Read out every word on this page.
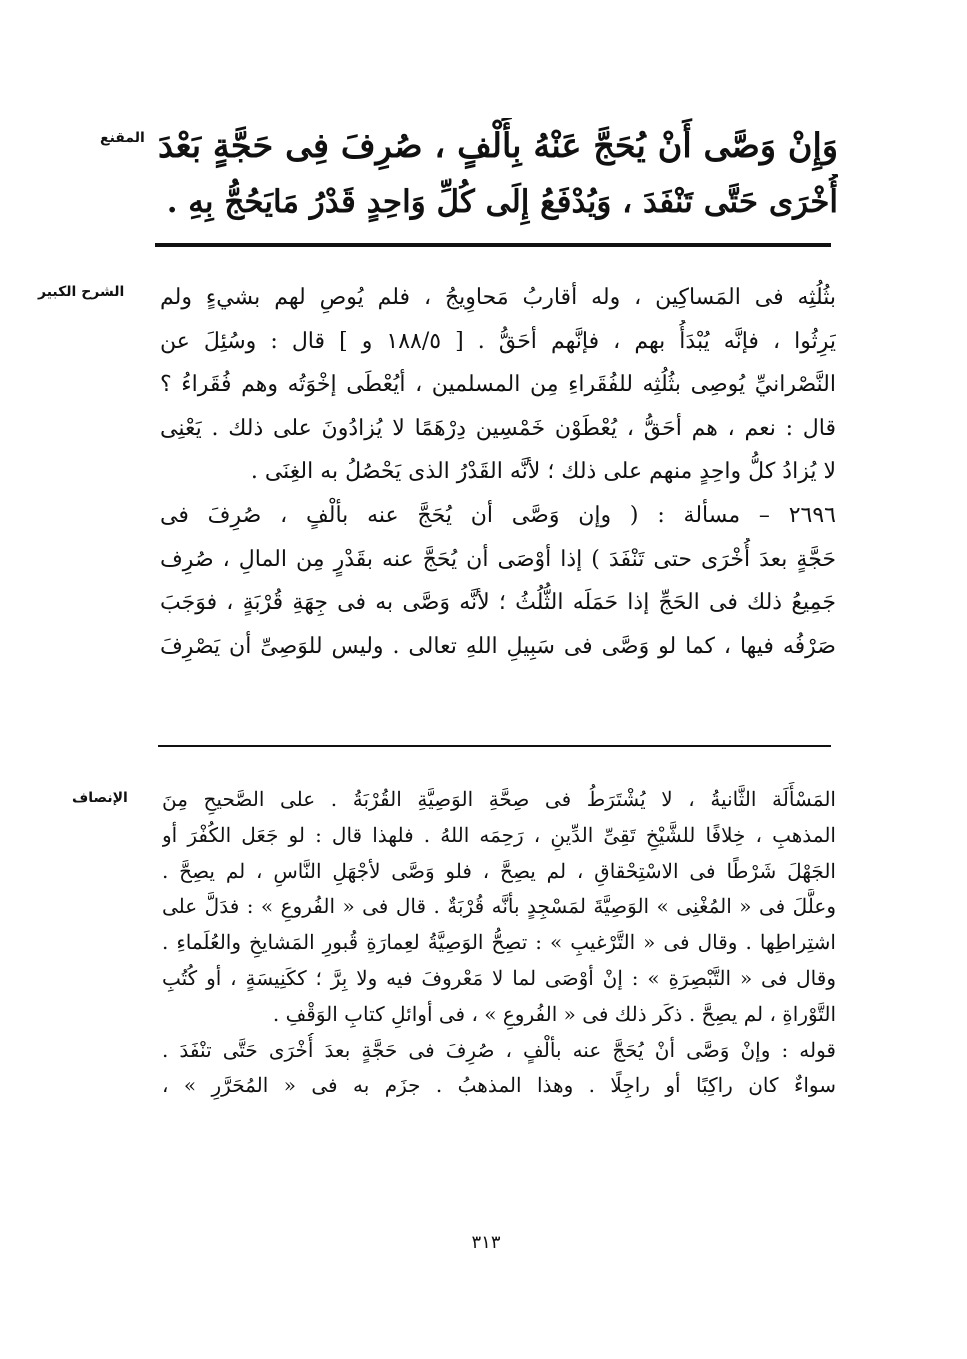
المقنع وَإِنْ وَصَّى أَنْ يُحَجَّ عَنْهُ بِأَلْفٍ ، صُرِفَ فِى حَجَّةٍ بَعْدَ
أُخْرَى حَتَّى تَنْفَدَ ، وَيُدْفَعُ إِلَى كُلِّ وَاحِدٍ قَدْرُ مَايَحُجُّ بِهِ .
الشرح الكبير بثُلُثِه فى المَساكِين ، وله أقاربُ مَحاوِيجُ ، فلم يُوصِ لهم بشيءٍ ولم
يَرِثُوا ، فإنَّه يُبْدَأُ بهم ، فإنَّهم أحَقُّ . [ ١٨٨/٥ و ] قال : وسُئِلَ عن
النَّصْرانيِّ يُوصِى بثُلُثِه للفُقَراءِ مِن المسلمين ، أيُعْطَى إخْوَتُه وهم فُقَراءُ ؟
قال : نعم ، هم أحَقُّ ، يُعْطَوْن خَمْسِين دِرْهَمًا لا يُزادُونَ على ذلك . يَعْنِى
لا يُزادُ كلُّ واحِدٍ منهم على ذلك ؛ لأنَّه القَدْرُ الذى يَحْصُلُ به الغِنَى .
٢٦٩٦ – مسألة : ( وإن وَصَّى أن يُحَجَّ عنه بألْفٍ ، صُرِفَ فى
حَجَّةٍ بعدَ أُخْرَى حتى تَنْفَدَ ) إذا أوْصَى أن يُحَجَّ عنه بقَدْرٍ مِن المالِ ، صُرِف
جَمِيعُ ذلك فى الحَجِّ إذا حَمَلَه الثُّلُثُ ؛ لأنَّه وَصَّى به فى جِهَةِ قُرْبَةٍ ، فوَجَبَ
صَرْفُه فيها ، كما لو وَصَّى فى سَبِيلِ اللهِ تعالى . وليس للوَصِىِّ أن يَصْرِفَ
الإنصاف المَسْأَلَة الثَّانيةُ ، لا يُشْتَرَطُ فى صِحَّةِ الوَصِيَّةِ القُرْبَةُ . على الصَّحيحِ مِنَ
المذهبِ ، خِلافًا للشَّيْخِ تَقِىِّ الدِّينِ ، رَحِمَه اللهُ . فلهذا قال : لو جَعَل الكُفْرَ أو
الجَهْلَ شَرْطًا فى الاسْتِحْقاقِ ، لم يصِحَّ ، فلو وَصَّى لأجْهَلِ النَّاسِ ، لم يصِحَّ .
وعلَّلَ فى « المُغْنِى » الوَصِيَّةَ لمَسْجِدٍ بأنَّه قُرْبَةٌ . قال فى « الفُروعِ » : فدَلَّ على
اشتِراطِها . وقال فى « التَّرْغيبِ » : تصِحُّ الوَصِيَّةُ لعِمارَةِ قُبورِ المَشايخِ والعُلَماءِ .
وقال فى « التَّبْصِرَةِ » : إنْ أوْصَى لما لا مَعْروفَ فيه ولا بِرَّ ؛ ككَنِيسَةٍ ، أو كُتُبِ
التَّوْراةِ ، لم يصِحَّ . ذكَر ذلك فى « الفُروعِ » ، فى أوائلِ كتابِ الوَقْفِ .
قوله : وإنْ وَصَّى أنْ يُحَجَّ عنه بألْفٍ ، صُرِفَ فى حَجَّةٍ بعدَ أُخْرَى حَتَّى تنْفَدَ .
سواءٌ كان راكِبًا أو راجِلًا . وهذا المذهبُ . جزَم به فى « المُحَرَّرِ » ،
٣١٣
